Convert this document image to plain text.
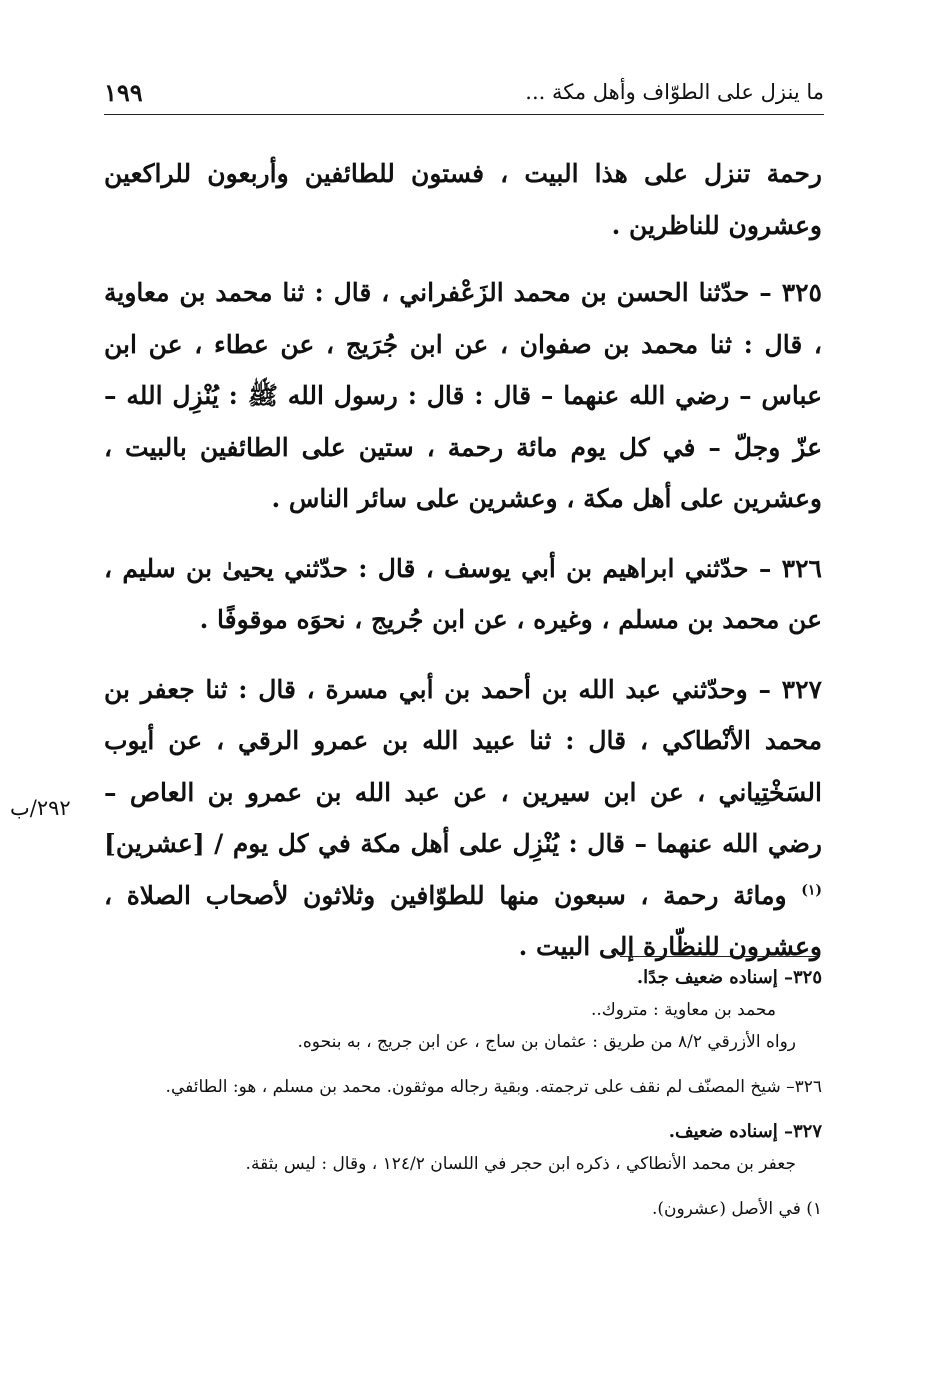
ما ينزل على الطوّاف وأهل مكة ...
١٩٩

رحمة تنزل على هذا البيت ، فستون للطائفين وأربعون للراكعين وعشرون للناظرين .

٣٢٥ – حدّثنا الحسن بن محمد الزَعْفراني ، قال : ثنا محمد بن معاوية ، قال : ثنا محمد بن صفوان ، عن ابن جُرَيج ، عن عطاء ، عن ابن عباس – رضي الله عنهما – قال : قال : رسول الله ﷺ : يُنْزِل الله – عزّ وجلّ – في كل يوم مائة رحمة ، ستين على الطائفين بالبيت ، وعشرين على أهل مكة ، وعشرين على سائر الناس .

٣٢٦ – حدّثني ابراهيم بن أبي يوسف ، قال : حدّثني يحيىٰ بن سليم ، عن محمد بن مسلم ، وغيره ، عن ابن جُريج ، نحوَه موقوفًا .

٣٢٧ – وحدّثني عبد الله بن أحمد بن أبي مسرة ، قال : ثنا جعفر بن محمد الأنْطاكي ، قال : ثنا عبيد الله بن عمرو الرقي ، عن أيوب السَخْتِياني ، عن ابن سيرين ، عن عبد الله بن عمرو بن العاص – رضي الله عنهما – قال : يُنْزِل على أهل مكة في كل يوم / [عشرين]$^{(١)}$ ومائة رحمة ، سبعون منها للطوّافين وثلاثون لأصحاب الصلاة ، وعشرون للنظّارة إلى البيت .

٢٩٢/ب
٣٢٥– إسناده ضعيف جدًا.
محمد بن معاوية : متروك..
رواه الأزرقي ٨/٢ من طريق : عثمان بن ساج ، عن ابن جريج ، به بنحوه.
٣٢٦– شيخ المصنّف لم نقف على ترجمته. وبقية رجاله موثقون. محمد بن مسلم ، هو: الطائفي.
٣٢٧– إسناده ضعيف.
جعفر بن محمد الأنطاكي ، ذكره ابن حجر في اللسان ١٢٤/٢ ، وقال : ليس بثقة.
١) في الأصل (عشرون).
